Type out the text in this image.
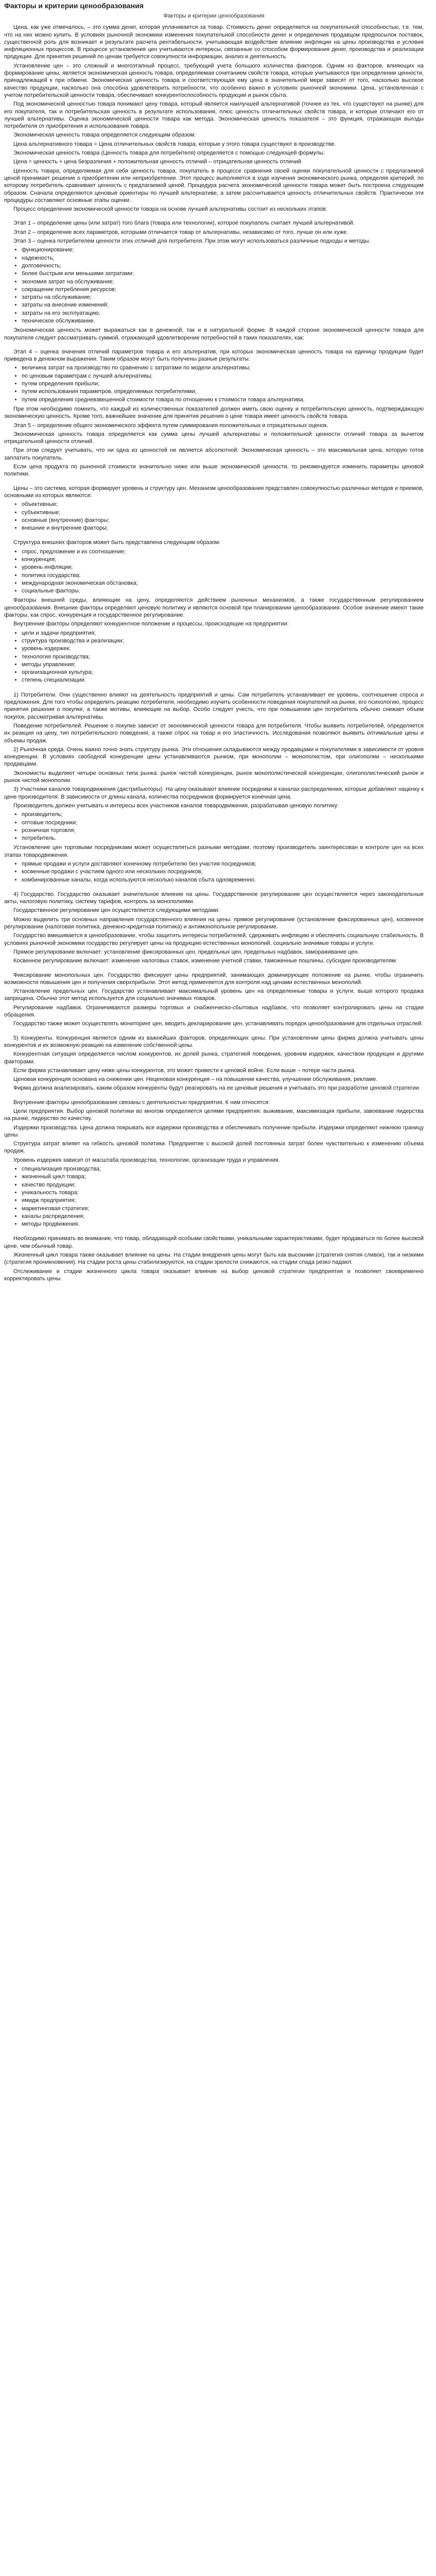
Факторы и критерии ценообразования
Факторы и критерии ценообразования

Цена, как уже отмечалось, – это сумма денег, которая уплачивается за товар. Стоимость денег определяется на покупательной способностью, т.е. тем, что на них можно купить. В условиях рыночной экономики изменения покупательной способности денег и определения продавцом предпосылок поставок, существенной роль для возникает и результате расчета рентабельности, учитывающая воздействие влияние инфляции на цены производства и условия инфляционных процессов. В процессе установления цен учитываются интересы, связанные со способом формирования денег, производства и реализации продукции. Для принятия решений по ценам требуется совокупности информации, анализ и деятельность.

Установление цен – это сложный и многоэтапный процесс, требующий учета большого количества факторов. Одним из факторов, влияющих на формирование цены, является экономическая ценность товара, определяемая сочетанием свойств товара, которые учитываются при определении ценности, принадлежащей к при обмене. Экономическая ценность товара и соответствующая ему цена в значительной мере зависят от того, насколько высокое качество продукции, насколько она способна удовлетворить потребности, что особенно важно в условиях рыночной экономики. Цена, установленная с учетом потребительской ценности товара, обеспечивает конкурентоспособность продукции и рынок сбыта.

Под экономической ценностью товара понимают цену товара, который является наилучшей альтернативой (точнее из тех, что существуют на рынке) для его покупателя, так и потребительская ценность в результате использования, плюс ценность отличительных свойств товара, и которые отличают его от лучшей альтернативы. Оценка экономической ценности товара как метода. Экономическая ценность показателя – это функция, отражающая выгоды потребителя от приобретения и использования товара.

Экономическая ценность товара определяется следующим образом:

Цена альтернативного товара = Цена отличительных свойств товара, которые у этого товара существуют в производстве.

Экономическая ценность товара (Ценность товара для потребителя) определяется с помощью следующей формулы.

Цена = ценность + цена безразличия + положительная ценность отличий – отрицательная ценность отличий.

Ценность товара, определяемая для себя ценность товара, покупатель в процессе сравнения своей оценки покупательной ценности с предлагаемой ценой принимает решение о приобретении или неприобретении. Этот процесс выполняется в ходе изучения экономического рынка, определяя критерий, по которому потребитель сравнивает ценность с предлагаемой ценой. Процедура расчета экономической ценности товара может быть построена следующим образом. Сначала определяются ценовые ориентиры по лучшей альтернативе, а затем рассчитывается ценность отличительных свойств. Практически эти процедуры составляют основные этапы оценки.

Процесс определения экономической ценности товара на основе лучшей альтернативы состоит из нескольких этапов:

Этап 1 – определение цены (или затрат) того блага (товара или технологии), которое покупатель считает лучшей альтернативой.

Этап 2 – определение всех параметров, которыми отличается товар от альтернативы, независимо от того, лучше он или хуже.

Этап 3 – оценка потребителем ценности этих отличий для потребителя. При этом могут использоваться различные подходы и методы.

• функционирование;
• надежность;
• долговечность;
• более быстрым или меньшими затратами;
• экономия затрат на обслуживание;
• сокращение потребления ресурсов;
• затраты на обслуживание;
• затраты на внесение изменений;
• затраты на его эксплуатацию;
• техническое обслуживание.

Экономическая ценность может выражаться как в денежной, так и в натуральной форме. В каждой стороне экономической ценности товара для покупателя следует рассматривать суммой, отражающей удовлетворение потребностей в таких показателях, как:

Этап 4 – оценка значения отличий параметров товара и его альтернатив, при которых экономическая ценность товара на единицу продукции будет приведена в денежном выражении. Таким образом могут быть получены разные результаты:

• величина затрат на производство по сравнению с затратами по модели альтернативы;
• по ценовым параметрам с лучшей альтернативы;
• путем определения прибыли;
• путем использования параметров, определяемых потребителями;
• путем определения средневзвешенной стоимости товара по отношению к стоимости товара альтернатива.

При этом необходимо помнить, что каждый из количественных показателей должен иметь свою оценку и потребительскую ценность, подтверждающую экономическую ценность. Кроме того, важнейшее значение для принятия решения о цене товара имеет ценность свойств товара.

Этап 5 – определение общего экономического эффекта путем суммирования положительных и отрицательных оценок.

Экономическая ценность товара определяется как сумма цены лучшей альтернативы и положительной ценности отличий товара за вычетом отрицательной ценности отличий.

При этом следует учитывать, что ни одна из ценностей не является абсолютной. Экономическая ценность – это максимальная цена, которую готов заплатить покупатель.

Если цена продукта по рыночной стоимости значительно ниже или выше экономической ценности, то рекомендуется изменить параметры ценовой политики.

Цены – это система, которая формирует уровень и структуру цен. Механизм ценообразования представлен совокупностью различных методов и приемов, основными из которых являются:

• объективные;
• субъективные;
• основные (внутренние) факторы;
• внешние и внутренние факторы;

Структура внешних факторов может быть представлена следующим образом:

• спрос, предложение и их соотношение;
• конкуренция;
• уровень инфляции;
• политика государства;
• международная экономическая обстановка;
• социальные факторы.

Факторы внешней среды, влияющие на цену, определяются действием рыночных механизмов, а также государственным регулированием ценообразования. Внешние факторы определяют ценовую политику и являются основой при планировании ценообразования. Особое значение имеют такие факторы, как спрос, конкуренция и государственное регулирование.

Внутренние факторы определяют конкурентное положение и процессы, происходящие на предприятии:

• цели и задачи предприятия;
• структура производства и реализации;
• уровень издержек;
• технология производства;
• методы управления;
• организационная культура;
• степень специализации.

1) Потребители. Они существенно влияют на деятельность предприятий и цены. Сам потребитель устанавливает ее уровень, соотношение спроса и предложения. Для того чтобы определить реакцию потребителя, необходимо изучить особенности поведения покупателей на рынке, его психологию, процесс принятия решения о покупке, а также мотивы, влияющие на выбор. Особо следует учесть, что при повышении цен потребитель обычно снижает объем покупок, рассматривая альтернативы.

Поведение потребителей. Решение о покупке зависит от экономической ценности товара для потребителя. Чтобы выявить потребителей, определяется их реакция на цену, тип потребительского поведения, а также спрос на товар и его эластичность. Исследования позволяют выявить оптимальные цены и объемы продаж.

2) Рыночная среда. Очень важно точно знать структуру рынка. Эти отношения складываются между продавцами и покупателями в зависимости от уровня конкуренции. В условиях свободной конкуренции цены устанавливаются рынком, при монополии – монополистом, при олигополии – несколькими продавцами.

Экономисты выделяют четыре основных типа рынка: рынок чистой конкуренции, рынок монополистической конкуренции, олигополистический рынок и рынок чистой монополии.

3) Участники каналов товародвижения (дистрибьюторы). На цену оказывают влияние посредники в каналах распределения, которые добавляют наценку к цене производителя. В зависимости от длины канала, количества посредников формируется конечная цена.

Производитель должен учитывать и интересы всех участников каналов товародвижения, разрабатывая ценовую политику:

• производитель;
• оптовые посредники;
• розничная торговля;
• потребитель.

Установление цен торговыми посредниками может осуществляться разными методами, поэтому производитель заинтересован в контроле цен на всех этапах товародвижения.

• прямые продажи и услуги доставляют конечному потребителю без участия посредников;
• косвенные продажи с участием одного или нескольких посредников;
• комбинированные каналы, когда используются несколько каналов сбыта одновременно.

4) Государство. Государство оказывает значительное влияние на цены. Государственное регулирование цен осуществляется через законодательные акты, налоговую политику, систему тарифов, контроль за монополиями.

Государственное регулирование цен осуществляется следующими методами:

Можно выделить три основных направления государственного влияния на цены: прямое регулирование (установление фиксированных цен), косвенное регулирование (налоговая политика, денежно-кредитная политика) и антимонопольное регулирование.

Государство вмешивается в ценообразование, чтобы защитить интересы потребителей, сдерживать инфляцию и обеспечить социальную стабильность. В условиях рыночной экономики государство регулирует цены на продукцию естественных монополий, социально значимые товары и услуги.

Прямое регулирование включает: установление фиксированных цен, предельных цен, предельных надбавок, замораживание цен.

Косвенное регулирование включает: изменение налоговых ставок, изменение учетной ставки, таможенные пошлины, субсидии производителям.

Фиксирование монопольных цен. Государство фиксирует цены предприятий, занимающих доминирующее положение на рынке, чтобы ограничить возможности повышения цен и получения сверхприбыли. Этот метод применяется для контроля над ценами естественных монополий.

Установление предельных цен. Государство устанавливает максимальный уровень цен на определенные товары и услуги, выше которого продажа запрещена. Обычно этот метод используется для социально значимых товаров.

Регулирование надбавок. Ограничиваются размеры торговых и снабженческо-сбытовых надбавок, что позволяет контролировать цены на стадии обращения.

Государство также может осуществлять мониторинг цен, вводить декларирование цен, устанавливать порядок ценообразования для отдельных отраслей.

5) Конкуренты. Конкуренция является одним из важнейших факторов, определяющих цены. При установлении цены фирма должна учитывать цены конкурентов и их возможную реакцию на изменение собственной цены.

Конкурентная ситуация определяется числом конкурентов, их долей рынка, стратегией поведения, уровнем издержек, качеством продукции и другими факторами.

Если фирма устанавливает цену ниже цены конкурентов, это может привести к ценовой войне. Если выше – потере части рынка.

Ценовая конкуренция основана на снижении цен. Неценовая конкуренция – на повышении качества, улучшении обслуживания, рекламе.

Фирма должна анализировать, каким образом конкуренты будут реагировать на ее ценовые решения и учитывать это при разработке ценовой стратегии.

Внутренние факторы ценообразования связаны с деятельностью предприятия. К ним относятся:

Цели предприятия. Выбор ценовой политики во многом определяется целями предприятия: выживание, максимизация прибыли, завоевание лидерства на рынке, лидерство по качеству.

Издержки производства. Цена должна покрывать все издержки производства и обеспечивать получение прибыли. Издержки определяют нижнюю границу цены.

Структура затрат влияет на гибкость ценовой политики. Предприятие с высокой долей постоянных затрат более чувствительно к изменению объема продаж.

Уровень издержек зависит от масштаба производства, технологии, организации труда и управления.

• специализация производства;
• жизненный цикл товара;
• качество продукции;
• уникальность товара;
• имидж предприятия;
• маркетинговая стратегия;
• каналы распределения;
• методы продвижения.

Необходимо принимать во внимание, что товар, обладающий особыми свойствами, уникальными характеристиками, будет продаваться по более высокой цене, чем обычный товар.

Жизненный цикл товара также оказывает влияние на цены. На стадии внедрения цены могут быть как высокими (стратегия снятия сливок), так и низкими (стратегия проникновения). На стадии роста цены стабилизируются, на стадии зрелости снижаются, на стадии спада резко падают.

Отслеживание и стадии жизненного цикла товара оказывает влияние на выбор ценовой стратегии предприятия и позволяет своевременно корректировать цены.
